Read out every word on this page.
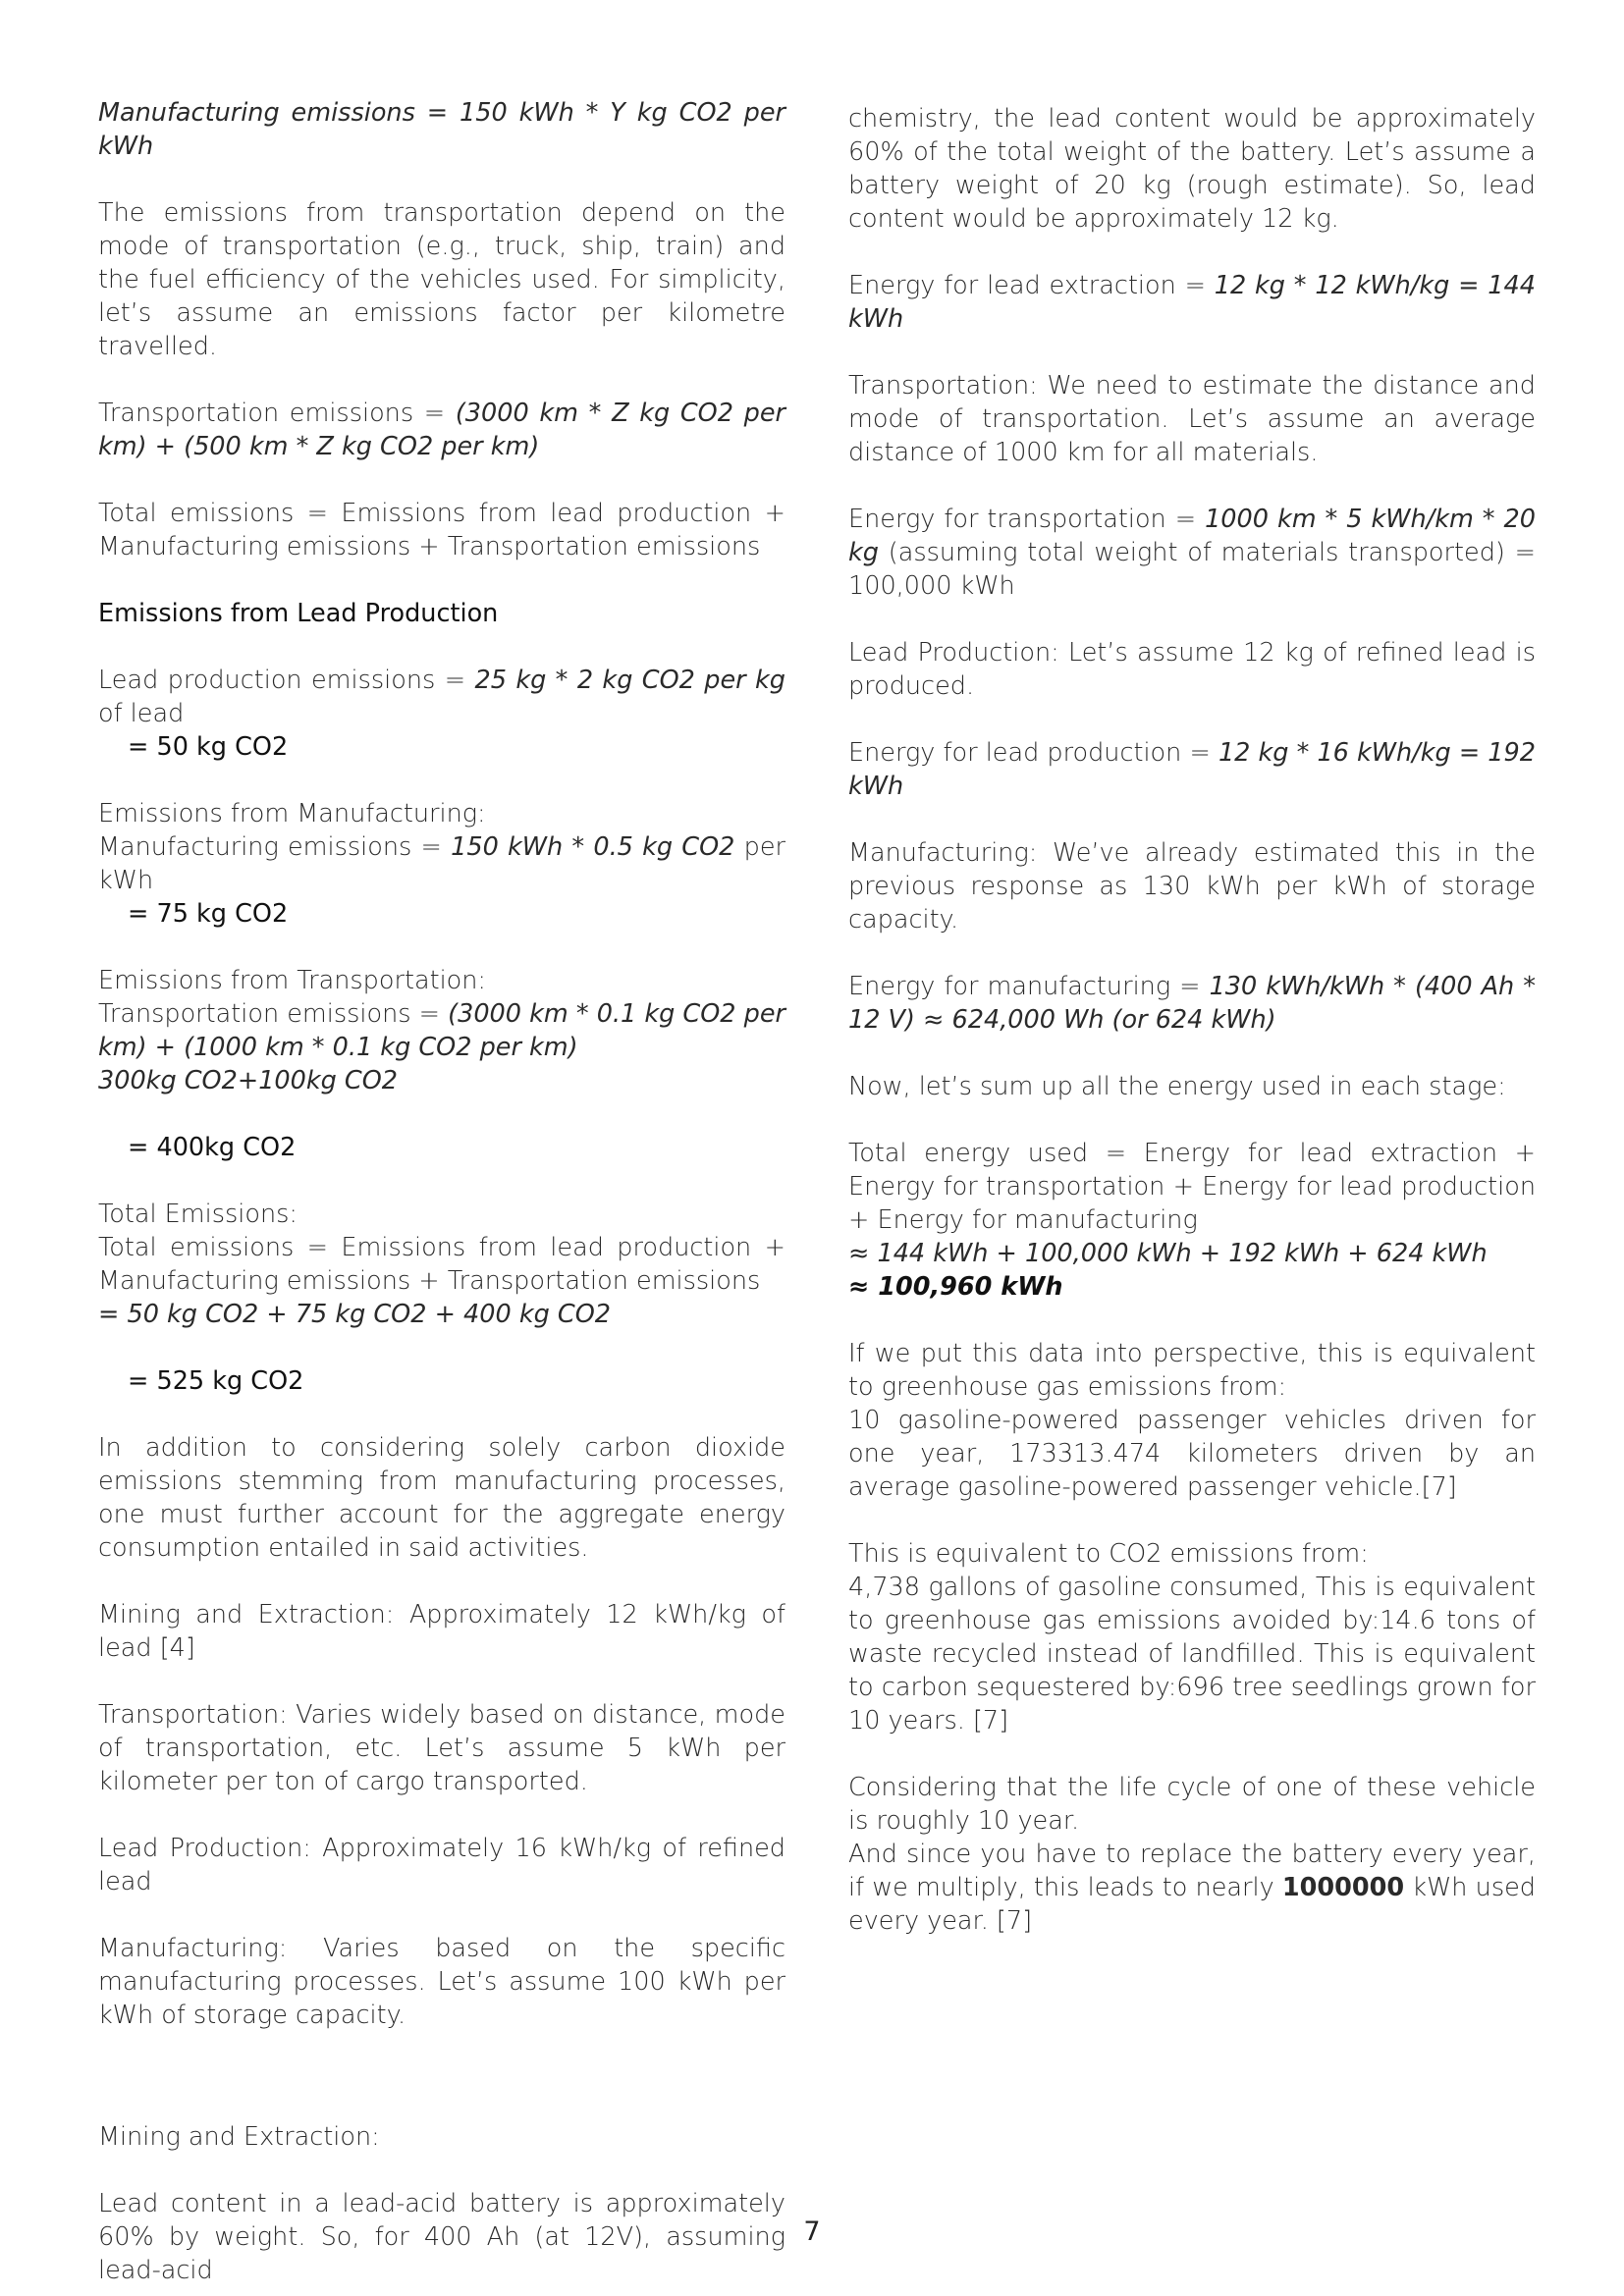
Manufacturing emissions = 150 kWh * Y kg CO2 per kWh

The emissions from transportation depend on the mode of transportation (e.g., truck, ship, train) and the fuel efficiency of the vehicles used. For simplicity, let’s assume an emissions factor per kilometre travelled.

Transportation emissions = (3000 km * Z kg CO2 per km) + (500 km * Z kg CO2 per km)

Total emissions = Emissions from lead production + Manufacturing emissions + Transportation emissions

Emissions from Lead Production

Lead production emissions = 25 kg * 2 kg CO2 per kg of lead
= 50 kg CO2
Emissions from Manufacturing:
Manufacturing emissions = 150 kWh * 0.5 kg CO2 per kWh
= 75 kg CO2
Emissions from Transportation:
Transportation emissions = (3000 km * 0.1 kg CO2 per km) + (1000 km * 0.1 kg CO2 per km)
300kg CO2+100kg CO2

= 400kg CO2

Total Emissions:
Total emissions = Emissions from lead production + Manufacturing emissions + Transportation emissions
= 50 kg CO2 + 75 kg CO2 + 400 kg CO2

= 525 kg CO2

In addition to considering solely carbon dioxide emissions stemming from manufacturing processes, one must further account for the aggregate energy consumption entailed in said activities.

Mining and Extraction: Approximately 12 kWh/kg of lead [4]

Transportation: Varies widely based on distance, mode of transportation, etc. Let’s assume 5 kWh per kilometer per ton of cargo transported.

Lead Production: Approximately 16 kWh/kg of refined lead

Manufacturing: Varies based on the specific manufacturing processes. Let’s assume 100 kWh per kWh of storage capacity.

Mining and Extraction:

Lead content in a lead-acid battery is approximately 60% by weight. So, for 400 Ah (at 12V), assuming lead-acid

chemistry, the lead content would be approximately 60% of the total weight of the battery. Let’s assume a battery weight of 20 kg (rough estimate). So, lead content would be approximately 12 kg.

Energy for lead extraction = 12 kg * 12 kWh/kg = 144 kWh

Transportation: We need to estimate the distance and mode of transportation. Let’s assume an average distance of 1000 km for all materials.

Energy for transportation = 1000 km * 5 kWh/km * 20 kg (assuming total weight of materials transported) = 100,000 kWh

Lead Production: Let’s assume 12 kg of refined lead is produced.

Energy for lead production = 12 kg * 16 kWh/kg = 192 kWh

Manufacturing: We’ve already estimated this in the previous response as 130 kWh per kWh of storage capacity.

Energy for manufacturing = 130 kWh/kWh * (400 Ah * 12 V) ≈ 624,000 Wh (or 624 kWh)

Now, let’s sum up all the energy used in each stage:

Total energy used = Energy for lead extraction + Energy for transportation + Energy for lead production + Energy for manufacturing
≈ 144 kWh + 100,000 kWh + 192 kWh + 624 kWh
≈ 100,960 kWh
If we put this data into perspective, this is equivalent to greenhouse gas emissions from:
10 gasoline-powered passenger vehicles driven for one year, 173313.474 kilometers driven by an average gasoline-powered passenger vehicle.[7]
This is equivalent to CO2 emissions from:
4,738 gallons of gasoline consumed, This is equivalent to greenhouse gas emissions avoided by:14.6 tons of waste recycled instead of landfilled. This is equivalent to carbon sequestered by:696 tree seedlings grown for 10 years. [7]
Considering that the life cycle of one of these vehicle is roughly 10 year.
And since you have to replace the battery every year, if we multiply, this leads to nearly 1000000 kWh used every year. [7]
7
